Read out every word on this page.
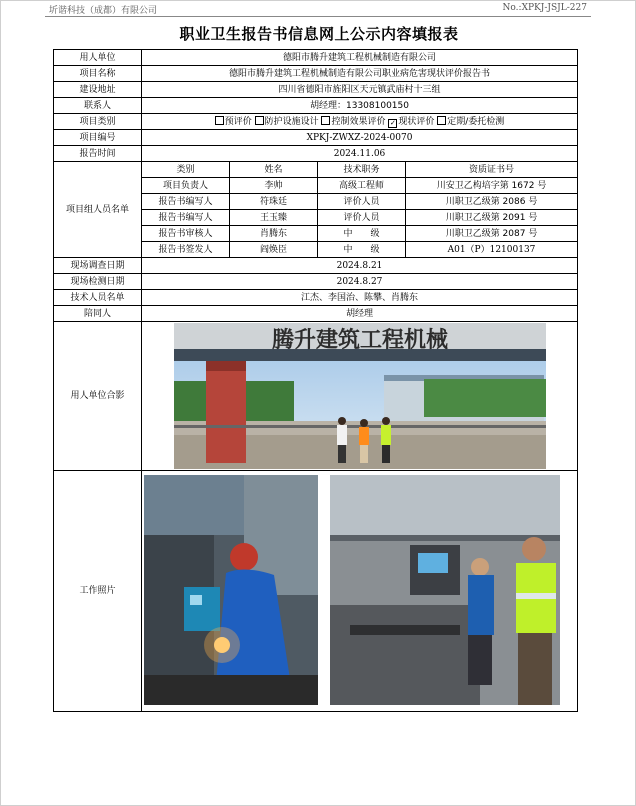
圻谐科技（成都）有限公司	No.:XPKJ-JSJL-227
职业卫生报告书信息网上公示内容填报表
用人单位	德阳市腾升建筑工程机械制造有限公司			
项目名称	德阳市腾升建筑工程机械制造有限公司职业病危害现状评价报告书			
建设地址	四川省德阳市旌阳区天元镇武庙村十三组			
联系人	胡经理：13308100150			
项目类别	预评价 防护设施设计 控制效果评价 ✓ 现状评价 定期/委托检测			
项目编号	XPKJ-ZWXZ-2024-0070			
报告时间	2024.11.06			
项目组人员名单	类别	姓名	技术职务	资质证书号
	项目负责人	李帅	高级工程师	川安卫乙构培字第 1672 号
	报告书编写人	符珠廷	评价人员	川职卫乙级第 2086 号
	报告书编写人	王玉臻	评价人员	川职卫乙级第 2091 号
	报告书审核人	肖腾东	中　　级	川职卫乙级第 2087 号
	报告书签发人	阎焕臣	中　　级	A01（P）12100137
现场调查日期	2024.8.21			
现场检测日期	2024.8.27			
技术人员名单	江杰、李国治、陈攀、肖腾东			
陪同人	胡经理			
用人单位合影	腾升建筑工程机械			

工作照片	
